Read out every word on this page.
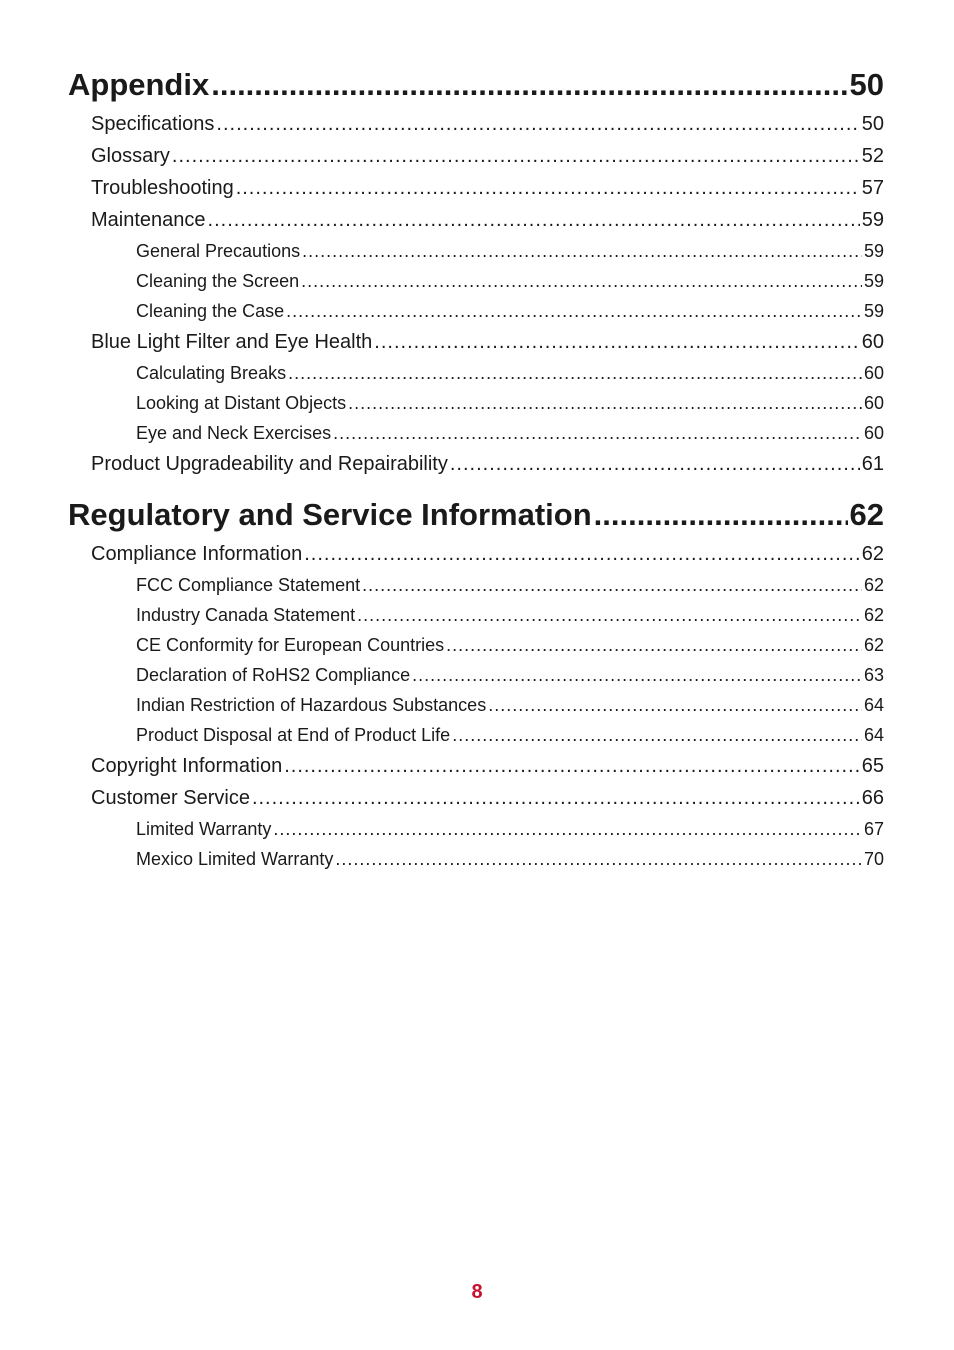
Appendix .....	50
Specifications .....	50
Glossary .....	52
Troubleshooting .....	57
Maintenance .....	59
General Precautions .....	59
Cleaning the Screen .....	59
Cleaning the Case .....	59
Blue Light Filter and Eye Health .....	60
Calculating Breaks .....	60
Looking at Distant Objects .....	60
Eye and Neck Exercises .....	60
Product Upgradeability and Repairability .....	61
Regulatory and Service Information .....	62
Compliance Information .....	62
FCC Compliance Statement .....	62
Industry Canada Statement .....	62
CE Conformity for European Countries .....	62
Declaration of RoHS2 Compliance .....	63
Indian Restriction of Hazardous Substances .....	64
Product Disposal at End of Product Life .....	64
Copyright Information .....	65
Customer Service .....	66
Limited Warranty .....	67
Mexico Limited Warranty .....	70
8
